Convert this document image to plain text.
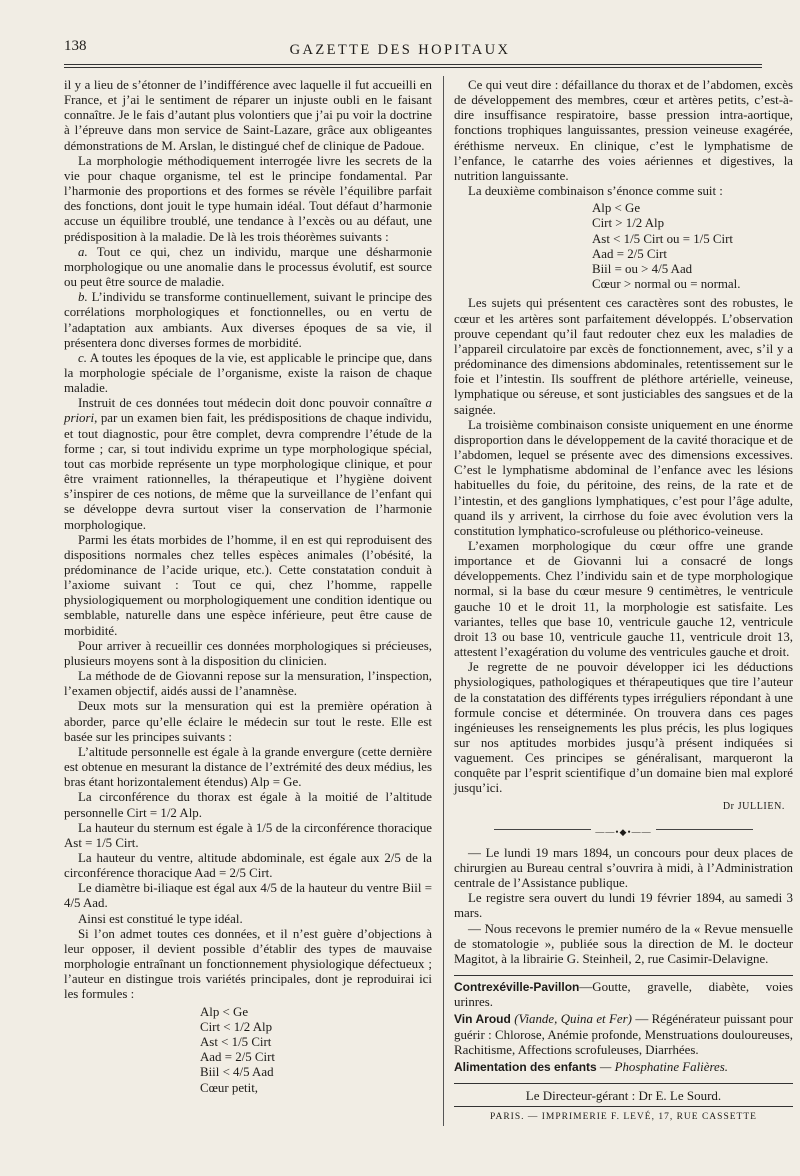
138	GAZETTE DES HOPITAUX

il y a lieu de s’étonner de l’indifférence avec laquelle il fut accueilli en France, et j’ai le sentiment de réparer un injuste oubli en le faisant connaître. Je le fais d’autant plus volontiers que j’ai pu voir la doctrine à l’épreuve dans mon service de Saint-Lazare, grâce aux obligeantes démonstrations de M. Arslan, le distingué chef de clinique de Padoue.

La morphologie méthodiquement interrogée livre les secrets de la vie pour chaque organisme, tel est le principe fondamental. Par l’harmonie des proportions et des formes se révèle l’équilibre parfait des fonctions, dont jouit le type humain idéal. Tout défaut d’harmonie accuse un équilibre troublé, une tendance à l’excès ou au défaut, une prédisposition à la maladie. De là les trois théorèmes suivants :

a. Tout ce qui, chez un individu, marque une désharmonie morphologique ou une anomalie dans le processus évolutif, est source ou peut être source de maladie.

b. L’individu se transforme continuellement, suivant le principe des corrélations morphologiques et fonctionnelles, ou en vertu de l’adaptation aux ambiants. Aux diverses époques de sa vie, il présentera donc diverses formes de morbidité.

c. A toutes les époques de la vie, est applicable le principe que, dans la morphologie spéciale de l’organisme, existe la raison de chaque maladie.

Instruit de ces données tout médecin doit donc pouvoir connaître a priori, par un examen bien fait, les prédispositions de chaque individu, et tout diagnostic, pour être complet, devra comprendre l’étude de la forme ; car, si tout individu exprime un type morphologique spécial, tout cas morbide représente un type morphologique clinique, et pour être vraiment rationnelles, la thérapeutique et l’hygiène doivent s’inspirer de ces notions, de même que la surveillance de l’enfant qui se développe devra surtout viser la conservation de l’harmonie morphologique.

Parmi les états morbides de l’homme, il en est qui reproduisent des dispositions normales chez telles espèces animales (l’obésité, la prédominance de l’acide urique, etc.). Cette constatation conduit à l’axiome suivant : Tout ce qui, chez l’homme, rappelle physiologiquement ou morphologiquement une condition identique ou semblable, naturelle dans une espèce inférieure, peut être cause de morbidité.

Pour arriver à recueillir ces données morphologiques si précieuses, plusieurs moyens sont à la disposition du clinicien.

La méthode de de Giovanni repose sur la mensuration, l’inspection, l’examen objectif, aidés aussi de l’anamnèse.

Deux mots sur la mensuration qui est la première opération à aborder, parce qu’elle éclaire le médecin sur tout le reste. Elle est basée sur les principes suivants :

L’altitude personnelle est égale à la grande envergure (cette dernière est obtenue en mesurant la distance de l’extrémité des deux médius, les bras étant horizontalement étendus) Alp = Ge.

La circonférence du thorax est égale à la moitié de l’altitude personnelle Cirt = 1/2 Alp.

La hauteur du sternum est égale à 1/5 de la circonférence thoracique Ast = 1/5 Cirt.

La hauteur du ventre, altitude abdominale, est égale aux 2/5 de la circonférence thoracique Aad = 2/5 Cirt.

Le diamètre bi-iliaque est égal aux 4/5 de la hauteur du ventre Biil = 4/5 Aad.

Ainsi est constitué le type idéal.

Si l’on admet toutes ces données, et il n’est guère d’objections à leur opposer, il devient possible d’établir des types de mauvaise morphologie entraînant un fonctionnement physiologique défectueux ; l’auteur en distingue trois variétés principales, dont je reproduirai ici les formules :

Alp < Ge
Cirt < 1/2 Alp
Ast < 1/5 Cirt
Aad = 2/5 Cirt
Biil < 4/5 Aad
Cœur petit,

Ce qui veut dire : défaillance du thorax et de l’abdomen, excès de développement des membres, cœur et artères petits, c’est-à-dire insuffisance respiratoire, basse pression intra-aortique, fonctions trophiques languissantes, pression veineuse exagérée, éréthisme nerveux. En clinique, c’est le lymphatisme de l’enfance, le catarrhe des voies aériennes et digestives, la nutrition languissante.

La deuxième combinaison s’énonce comme suit :

Alp < Ge
Cirt > 1/2 Alp
Ast < 1/5 Cirt ou = 1/5 Cirt
Aad = 2/5 Cirt
Biil = ou > 4/5 Aad
Cœur > normal ou = normal.

Les sujets qui présentent ces caractères sont des robustes, le cœur et les artères sont parfaitement développés. L’observation prouve cependant qu’il faut redouter chez eux les maladies de l’appareil circulatoire par excès de fonctionnement, avec, s’il y a prédominance des dimensions abdominales, retentissement sur le foie et l’intestin. Ils souffrent de pléthore artérielle, veineuse, lymphatique ou séreuse, et sont justiciables des sangsues et de la saignée.

La troisième combinaison consiste uniquement en une énorme disproportion dans le développement de la cavité thoracique et de l’abdomen, lequel se présente avec des dimensions excessives. C’est le lymphatisme abdominal de l’enfance avec les lésions habituelles du foie, du péritoine, des reins, de la rate et de l’intestin, et des ganglions lymphatiques, c’est pour l’âge adulte, quand ils y arrivent, la cirrhose du foie avec évolution vers la constitution lymphatico-scrofuleuse ou pléthorico-veineuse.

L’examen morphologique du cœur offre une grande importance et de Giovanni lui a consacré de longs développements. Chez l’individu sain et de type morphologique normal, si la base du cœur mesure 9 centimètres, le ventricule gauche 10 et le droit 11, la morphologie est satisfaite. Les variantes, telles que base 10, ventricule gauche 12, ventricule droit 13 ou base 10, ventricule gauche 11, ventricule droit 13, attestent l’exagération du volume des ventricules gauche et droit.

Je regrette de ne pouvoir développer ici les déductions physiologiques, pathologiques et thérapeutiques que tire l’auteur de la constatation des différents types irréguliers répondant à une formule concise et déterminée. On trouvera dans ces pages ingénieuses les renseignements les plus précis, les plus logiques sur nos aptitudes morbides jusqu’à présent indiquées si vaguement. Ces principes se généralisant, marqueront la conquête par l’esprit scientifique d’un domaine bien mal exploré jusqu’ici.

Dr JULLIEN.
——•◆•——

— Le lundi 19 mars 1894, un concours pour deux places de chirurgien au Bureau central s’ouvrira à midi, à l’Administration centrale de l’Assistance publique.

Le registre sera ouvert du lundi 19 février 1894, au samedi 3 mars.

— Nous recevons le premier numéro de la « Revue mensuelle de stomatologie », publiée sous la direction de M. le docteur Magitot, à la librairie G. Steinheil, 2, rue Casimir-Delavigne.

Contrexéville-Pavillon—Goutte, gravelle, diabète, voies urinres.

Vin Aroud (Viande, Quina et Fer) — Régénérateur puissant pour guérir : Chlorose, Anémie profonde, Menstruations douloureuses, Rachitisme, Affections scrofuleuses, Diarrhées.

Alimentation des enfants — Phosphatine Falières.

Le Directeur-gérant : Dr E. Le Sourd.
PARIS. — IMPRIMERIE F. LEVÉ, 17, RUE CASSETTE
